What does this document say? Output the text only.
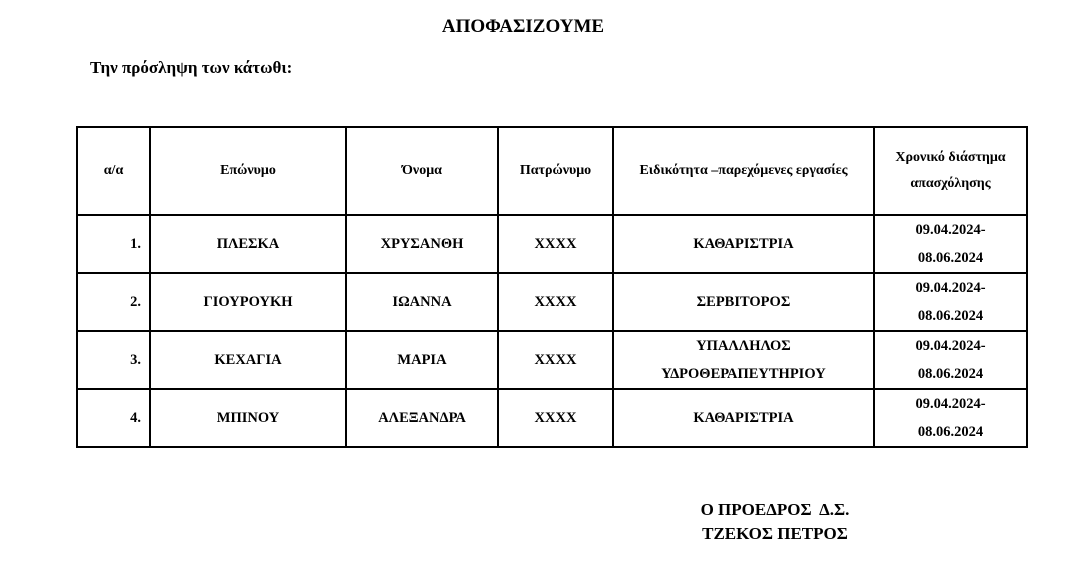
ΑΠΟΦΑΣΙΖΟΥΜΕ
Την πρόσληψη των κάτωθι:
α/α	Επώνυμο	Όνομα	Πατρώνυμο	Ειδικότητα –παρεχόμενες εργασίες	Χρονικό διάστημα απασχόλησης
1.	ΠΛΕΣΚΑ	ΧΡΥΣΑΝΘΗ	XXXX	ΚΑΘΑΡΙΣΤΡΙΑ	09.04.2024-08.06.2024
2.	ΓΙΟΥΡΟΥΚΗ	ΙΩΑΝΝΑ	XXXX	ΣΕΡΒΙΤΟΡΟΣ	09.04.2024-08.06.2024
3.	ΚΕΧΑΓΙΑ	ΜΑΡΙΑ	XXXX	ΥΠΑΛΛΗΛΟΣ ΥΔΡΟΘΕΡΑΠΕΥΤΗΡΙΟΥ	09.04.2024-08.06.2024
4.	ΜΠΙΝΟΥ	ΑΛΕΞΑΝΔΡΑ	XXXX	ΚΑΘΑΡΙΣΤΡΙΑ	09.04.2024-08.06.2024
Ο ΠΡΟΕΔΡΟΣ  Δ.Σ.
ΤΖΕΚΟΣ ΠΕΤΡΟΣ
